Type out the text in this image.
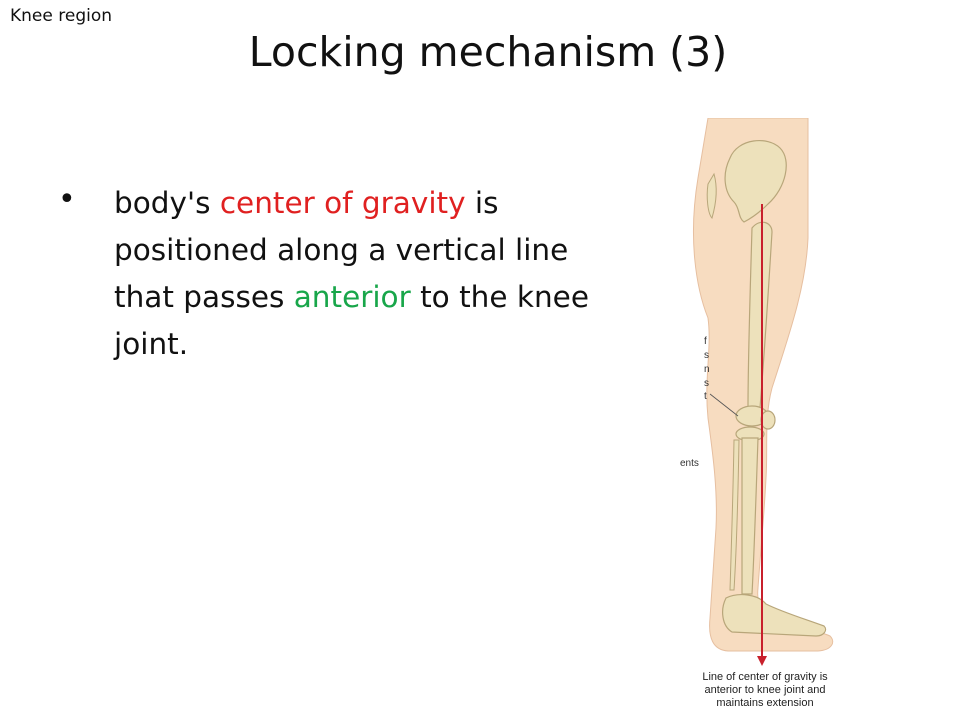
Knee region
Locking mechanism (3)
• body's center of gravity is positioned along a vertical line that passes anterior to the knee joint.	f
s
n
s
t
ents
Line of center of gravity is
anterior to knee joint and
maintains extension
